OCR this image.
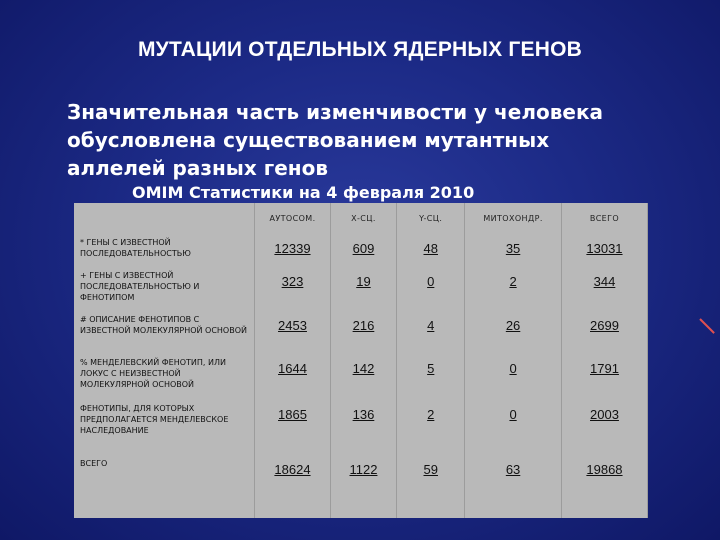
МУТАЦИИ ОТДЕЛЬНЫХ ЯДЕРНЫХ ГЕНОВ
Значительная часть изменчивости у человека
обусловлена существованием мутантных
аллелей разных генов
OMIM Статистики на 4 февраля 2010
	АУТОСОМ.	Х-СЦ.	Y-СЦ.	МИТОХОНДР.	ВСЕГО
* ГЕНЫ С ИЗВЕСТНОЙ ПОСЛЕДОВАТЕЛЬНОСТЬЮ	12339	609	48	35	13031
+ ГЕНЫ С ИЗВЕСТНОЙ ПОСЛЕДОВАТЕЛЬНОСТЬЮ И ФЕНОТИПОМ	323	19	0	2	344
# ОПИСАНИЕ ФЕНОТИПОВ С ИЗВЕСТНОЙ МОЛЕКУЛЯРНОЙ ОСНОВОЙ	2453	216	4	26	2699
% МЕНДЕЛЕВСКИЙ ФЕНОТИП, ИЛИ ЛОКУС С НЕИЗВЕСТНОЙ МОЛЕКУЛЯРНОЙ ОСНОВОЙ	1644	142	5	0	1791
ФЕНОТИПЫ, ДЛЯ КОТОРЫХ ПРЕДПОЛАГАЕТСЯ МЕНДЕЛЕВСКОЕ НАСЛЕДОВАНИЕ	1865	136	2	0	2003
ВСЕГО	18624	1122	59	63	19868
